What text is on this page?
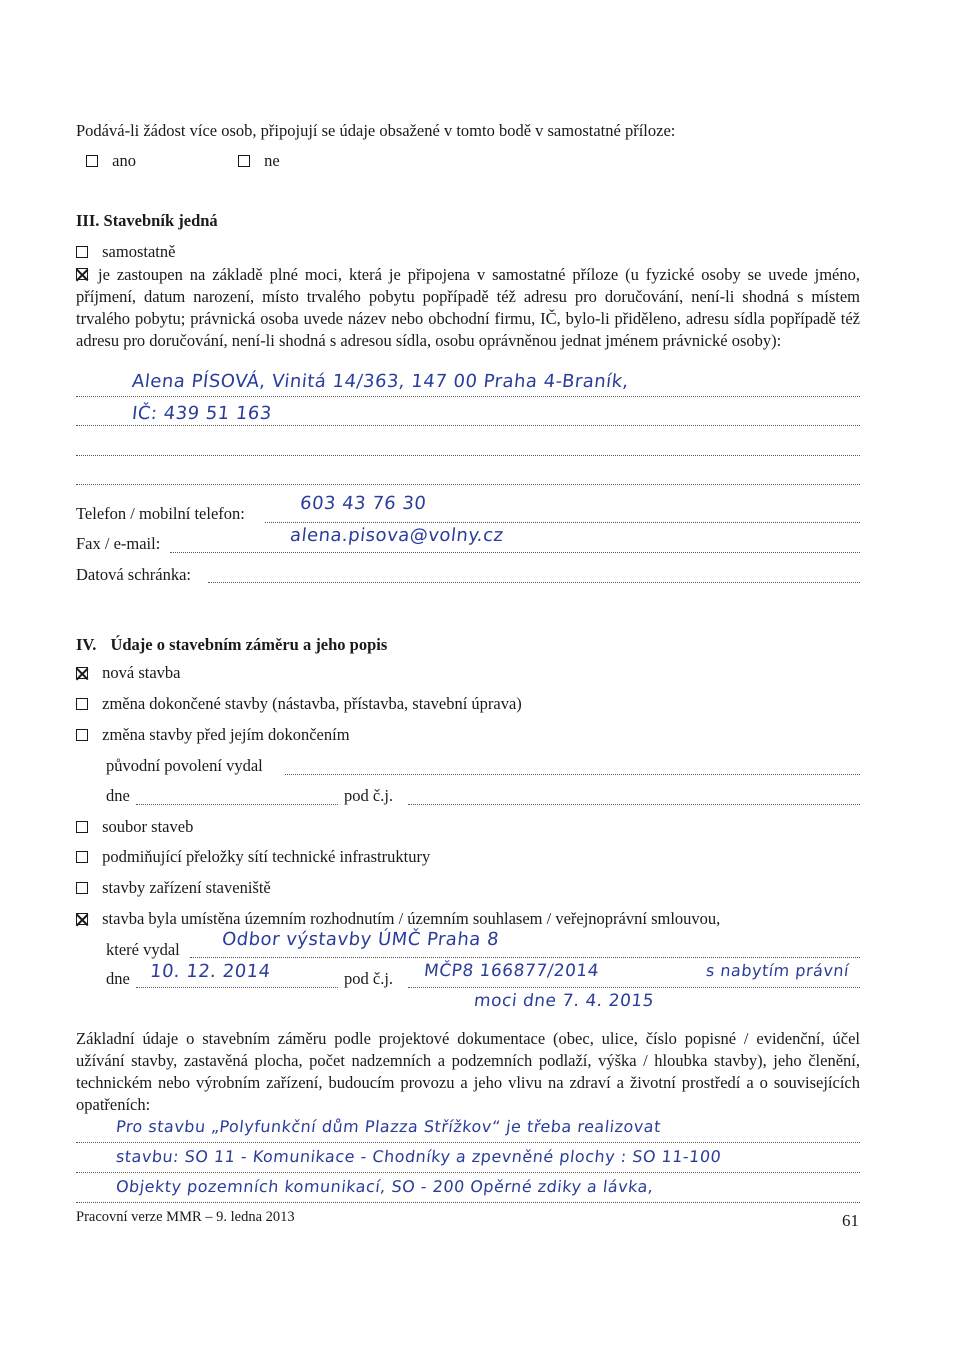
Podává-li žádost více osob, připojují se údaje obsažené v tomto bodě v samostatné příloze:
ano	ne
III. Stavebník jedná
samostatně
je zastoupen na základě plné moci, která je připojena v samostatné příloze (u fyzické osoby se uvede jméno, příjmení, datum narození, místo trvalého pobytu popřípadě též adresu pro doručování, není-li shodná s místem trvalého pobytu; právnická osoba uvede název nebo obchodní firmu, IČ, bylo-li přiděleno, adresu sídla popřípadě též adresu pro doručování, není-li shodná s adresou sídla, osobu oprávněnou jednat jménem právnické osoby):
Alena PÍSOVÁ, Vinitá 14/363, 147 00 Praha 4-Braník,
IČ: 439 51 163
Telefon / mobilní telefon:	603 43 76 30
Fax / e-mail:	alena.pisova@volny.cz
Datová schránka:
IV. Údaje o stavebním záměru a jeho popis
nová stavba
změna dokončené stavby (nástavba, přístavba, stavební úprava)
změna stavby před jejím dokončením
původní povolení vydal
dne	pod č.j.
soubor staveb
podmiňující přeložky sítí technické infrastruktury
stavby zařízení staveniště
stavba byla umístěna územním rozhodnutím / územním souhlasem / veřejnoprávní smlouvou,
které vydal Odbor výstavby ÚMČ Praha 8
dne 10. 12. 2014	pod č.j. MČP8 166877/2014	s nabytím právní
moci dne 7. 4. 2015
Základní údaje o stavebním záměru podle projektové dokumentace (obec, ulice, číslo popisné / evidenční, účel užívání stavby, zastavěná plocha, počet nadzemních a podzemních podlaží, výška / hloubka stavby), jeho členění, technickém nebo výrobním zařízení, budoucím provozu a jeho vlivu na zdraví a životní prostředí a o souvisejících opatřeních:
Pro stavbu „Polyfunkční dům Plazza Střížkov“ je třeba realizovat
stavbu: SO 11 - Komunikace - Chodníky a zpevněné plochy : SO 11-100
Objekty pozemních komunikací, SO - 200 Opěrné zdiky a lávka,
Pracovní verze MMR – 9. ledna 2013	61
